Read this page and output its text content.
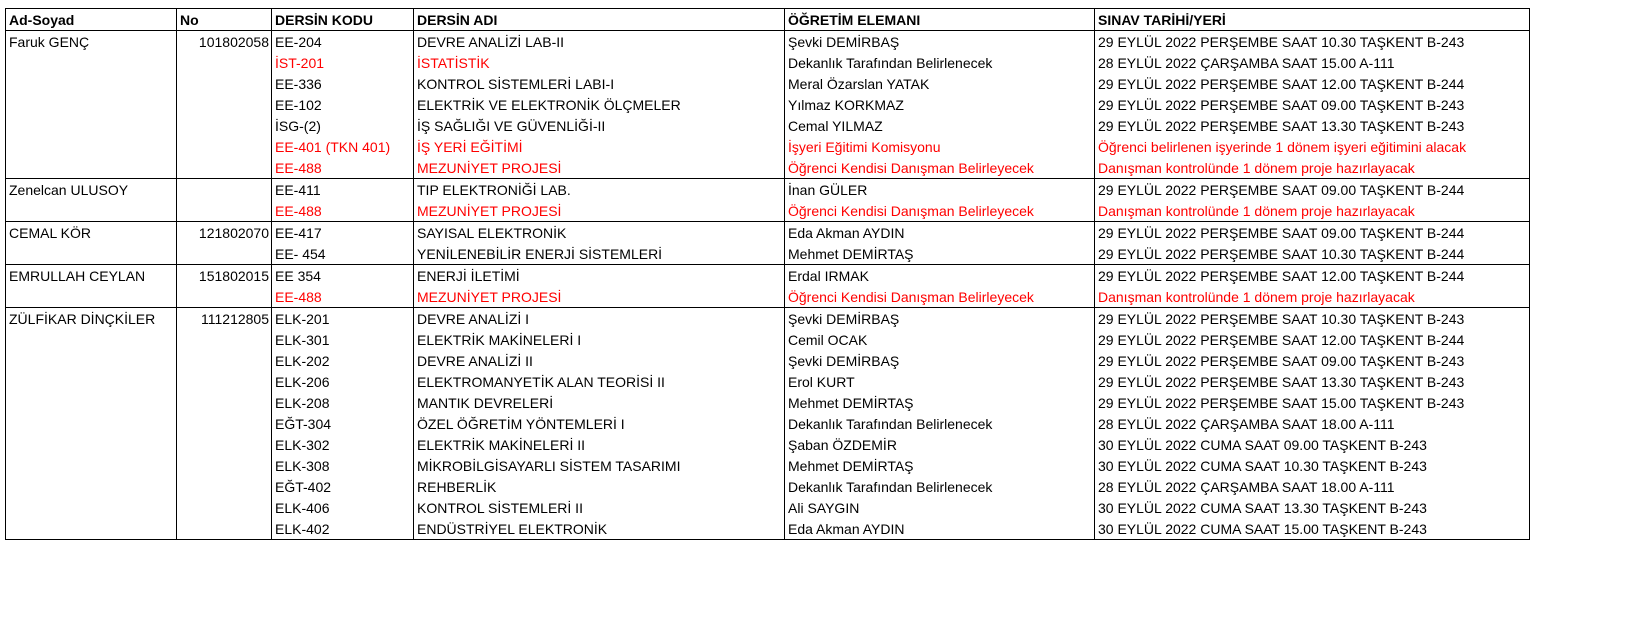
Ad-Soyad	No	DERSİN KODU	DERSİN ADI	ÖĞRETİM ELEMANI	SINAV TARİHİ/YERİ
Faruk GENÇ	101802058	EE-204	DEVRE ANALİZİ LAB-II	Şevki DEMİRBAŞ	29 EYLÜL 2022 PERŞEMBE SAAT 10.30 TAŞKENT B-243
		İST-201	İSTATİSTİK	Dekanlık Tarafından Belirlenecek	28 EYLÜL 2022 ÇARŞAMBA SAAT 15.00 A-111
		EE-336	KONTROL SİSTEMLERİ LABI-I	Meral Özarslan YATAK	29 EYLÜL 2022 PERŞEMBE SAAT 12.00 TAŞKENT B-244
		EE-102	ELEKTRİK VE ELEKTRONİK ÖLÇMELER	Yılmaz KORKMAZ	29 EYLÜL 2022 PERŞEMBE SAAT 09.00 TAŞKENT B-243
		İSG-(2)	İŞ SAĞLIĞI VE GÜVENLİĞİ-II	Cemal YILMAZ	29 EYLÜL 2022 PERŞEMBE SAAT 13.30 TAŞKENT B-243
		EE-401 (TKN 401)	İŞ YERİ EĞİTİMİ	İşyeri Eğitimi Komisyonu	Öğrenci belirlenen işyerinde 1 dönem işyeri eğitimini alacak
		EE-488	MEZUNİYET PROJESİ	Öğrenci Kendisi Danışman Belirleyecek	Danışman kontrolünde 1 dönem proje hazırlayacak
Zenelcan ULUSOY		EE-411	TIP ELEKTRONİĞİ LAB.	İnan GÜLER	29 EYLÜL 2022 PERŞEMBE SAAT 09.00 TAŞKENT B-244
		EE-488	MEZUNİYET PROJESİ	Öğrenci Kendisi Danışman Belirleyecek	Danışman kontrolünde 1 dönem proje hazırlayacak
CEMAL KÖR	121802070	EE-417	SAYISAL ELEKTRONİK	Eda Akman AYDIN	29 EYLÜL 2022 PERŞEMBE SAAT 09.00 TAŞKENT B-244
		EE- 454	YENİLENEBİLİR ENERJİ SİSTEMLERİ	Mehmet DEMİRTAŞ	29 EYLÜL 2022 PERŞEMBE SAAT 10.30 TAŞKENT B-244
EMRULLAH CEYLAN	151802015	EE 354	ENERJİ İLETİMİ	Erdal IRMAK	29 EYLÜL 2022 PERŞEMBE SAAT 12.00 TAŞKENT B-244
		EE-488	MEZUNİYET PROJESİ	Öğrenci Kendisi Danışman Belirleyecek	Danışman kontrolünde 1 dönem proje hazırlayacak
ZÜLFİKAR DİNÇKİLER	111212805	ELK-201	DEVRE ANALİZİ I	Şevki DEMİRBAŞ	29 EYLÜL 2022 PERŞEMBE SAAT 10.30 TAŞKENT B-243
		ELK-301	ELEKTRİK MAKİNELERİ I	Cemil OCAK	29 EYLÜL 2022 PERŞEMBE SAAT 12.00 TAŞKENT B-244
		ELK-202	DEVRE ANALİZİ II	Şevki DEMİRBAŞ	29 EYLÜL 2022 PERŞEMBE SAAT 09.00 TAŞKENT B-243
		ELK-206	ELEKTROMANYETİK ALAN TEORİSİ II	Erol KURT	29 EYLÜL 2022 PERŞEMBE SAAT 13.30 TAŞKENT B-243
		ELK-208	MANTIK DEVRELERİ	Mehmet DEMİRTAŞ	29 EYLÜL 2022 PERŞEMBE SAAT 15.00 TAŞKENT B-243
		EĞT-304	ÖZEL ÖĞRETİM YÖNTEMLERİ I	Dekanlık Tarafından Belirlenecek	28 EYLÜL 2022 ÇARŞAMBA SAAT 18.00 A-111
		ELK-302	ELEKTRİK MAKİNELERİ II	Şaban ÖZDEMİR	30 EYLÜL 2022 CUMA SAAT 09.00 TAŞKENT B-243
		ELK-308	MİKROBİLGİSAYARLI SİSTEM TASARIMI	Mehmet DEMİRTAŞ	30 EYLÜL 2022 CUMA SAAT 10.30 TAŞKENT B-243
		EĞT-402	REHBERLİK	Dekanlık Tarafından Belirlenecek	28 EYLÜL 2022 ÇARŞAMBA SAAT 18.00 A-111
		ELK-406	KONTROL SİSTEMLERİ II	Ali SAYGIN	30 EYLÜL 2022 CUMA SAAT 13.30 TAŞKENT B-243
		ELK-402	ENDÜSTRİYEL ELEKTRONİK	Eda Akman AYDIN	30 EYLÜL 2022 CUMA SAAT 15.00 TAŞKENT B-243
